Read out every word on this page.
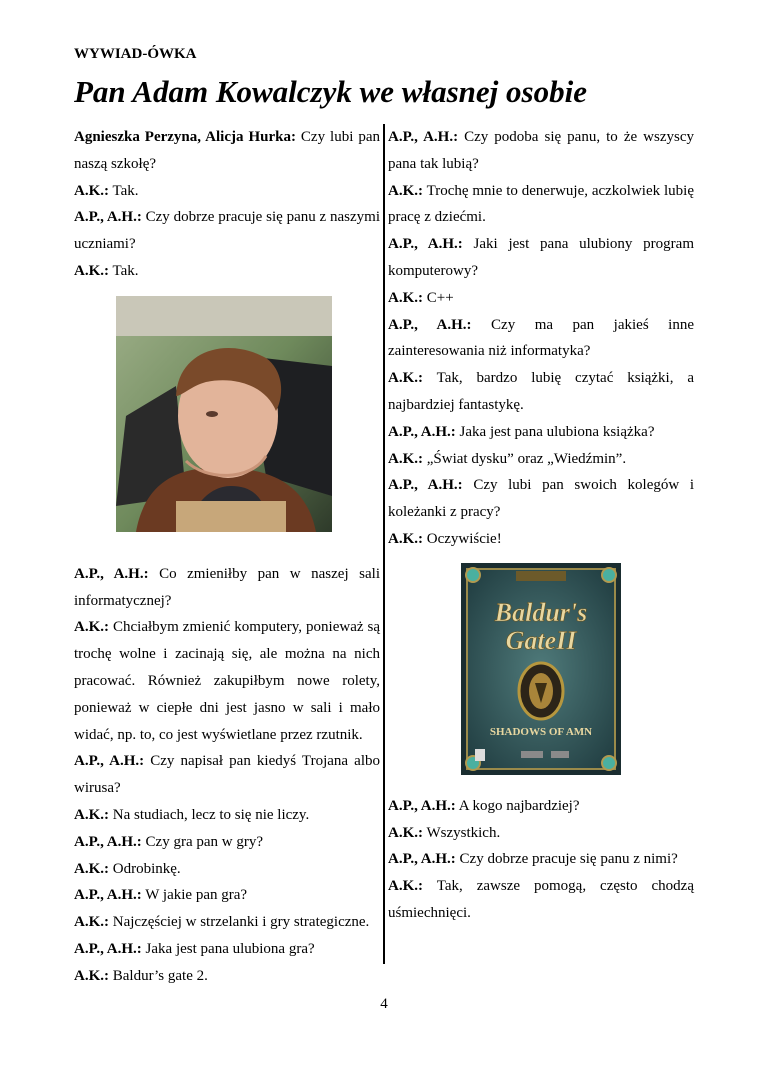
WYWIAD-ÓWKA
Pan Adam Kowalczyk we własnej osobie

Agnieszka Perzyna, Alicja Hurka: Czy lubi pan naszą szkołę?

A.K.: Tak.

A.P., A.H.: Czy dobrze pracuje się panu z naszymi uczniami?

A.K.: Tak.

A.P., A.H.: Co zmieniłby pan w naszej sali informatycznej?

A.K.: Chciałbym zmienić komputery, ponieważ są trochę wolne i zacinają się, ale można na nich pracować. Również zakupiłbym nowe rolety, ponieważ w ciepłe dni jest jasno w sali i mało widać, np. to, co jest wyświetlane przez rzutnik.

A.P., A.H.: Czy napisał pan kiedyś Trojana albo wirusa?

A.K.: Na studiach, lecz to się nie liczy.

A.P., A.H.: Czy gra pan w gry?

A.K.: Odrobinkę.

A.P., A.H.: W jakie pan gra?

A.K.: Najczęściej w strzelanki i gry strategiczne.

A.P., A.H.: Jaka jest pana ulubiona gra?

A.K.: Baldur’s gate 2.

A.P., A.H.: Czy podoba się panu, to że wszyscy pana tak lubią?

A.K.: Trochę mnie to denerwuje, aczkolwiek lubię pracę z dziećmi.

A.P., A.H.: Jaki jest pana ulubiony program komputerowy?

A.K.: C++

A.P., A.H.: Czy ma pan jakieś inne zainteresowania niż informatyka?

A.K.: Tak, bardzo lubię czytać książki, a najbardziej fantastykę.

A.P., A.H.: Jaka jest pana ulubiona książka?

A.K.: „Świat dysku” oraz „Wiedźmin”.

A.P., A.H.: Czy lubi pan swoich kolegów i koleżanki z pracy?

A.K.: Oczywiście!

A.P., A.H.: A kogo najbardziej?

A.K.: Wszystkich.

A.P., A.H.: Czy dobrze pracuje się panu z nimi?

A.K.: Tak, zawsze pomogą, często chodzą uśmiechnięci.

Baldur's
GateII
SHADOWS OF AMN
4
